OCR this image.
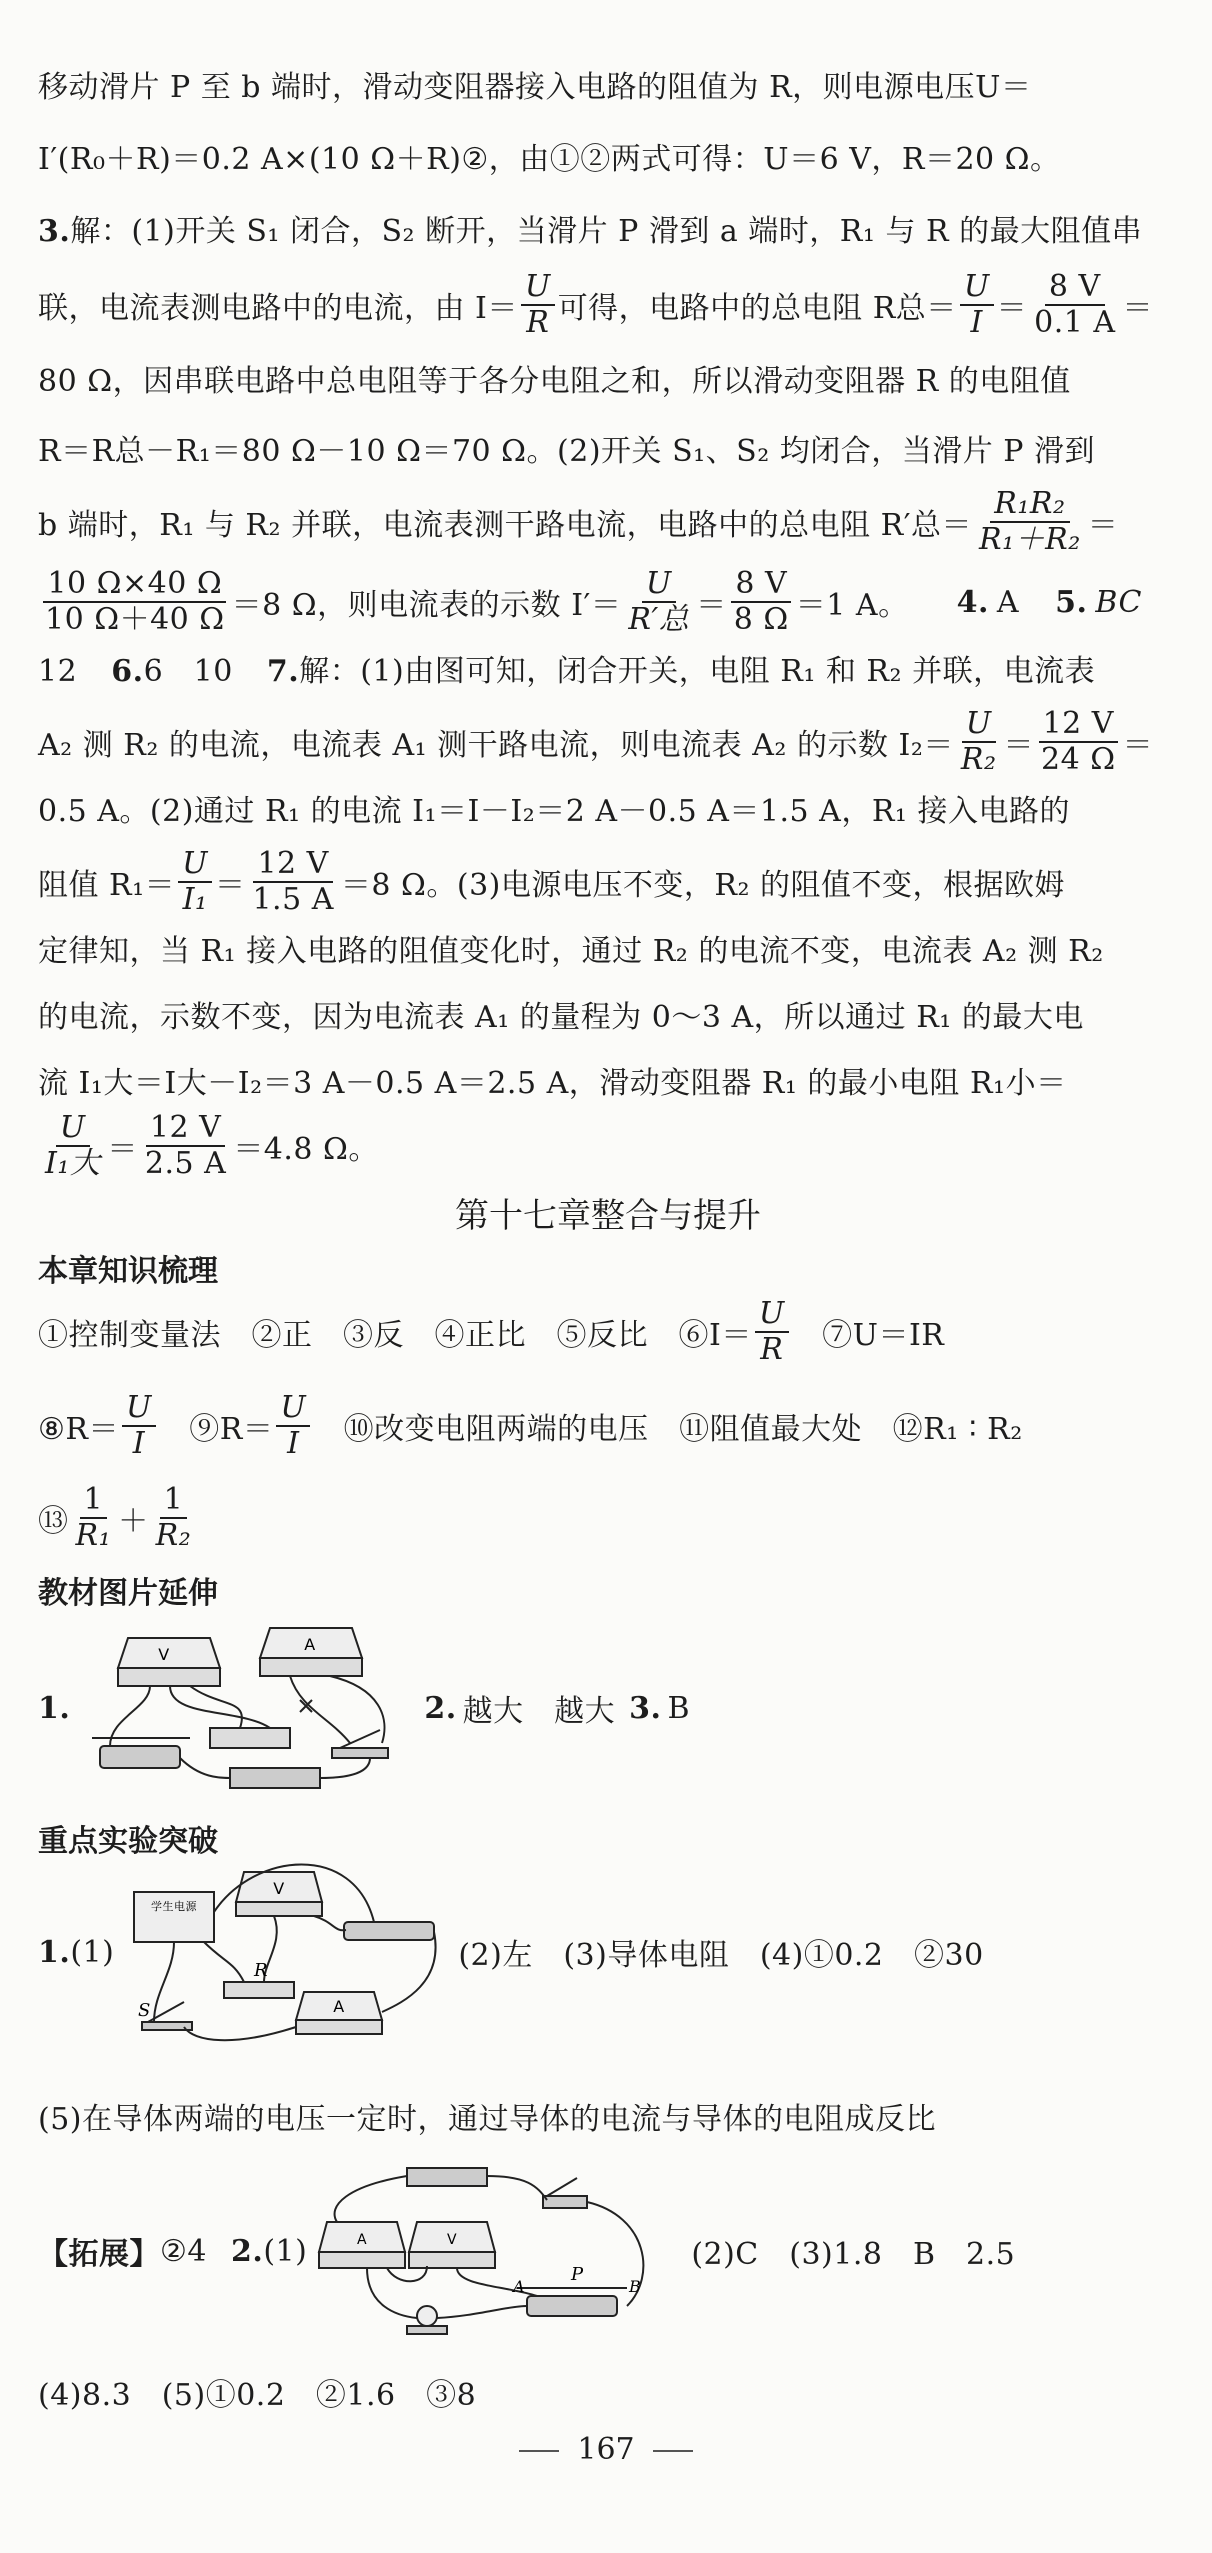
移动滑片 P 至 b 端时，滑动变阻器接入电路的阻值为 R，则电源电压U＝
I′(R₀＋R)＝0.2 A×(10 Ω＋R)②，由①②两式可得：U＝6 V，R＝20 Ω。
3.解：(1)开关 S₁ 闭合，S₂ 断开，当滑片 P 滑到 a 端时，R₁ 与 R 的最大阻值串
联，电流表测电路中的电流，由 $I= \frac{U}{R}$ 可得，电路中的总电阻 R总＝ $\frac{U}{I} = \frac{8 V}{0.1 A}$ ＝
80 Ω，因串联电路中总电阻等于各分电阻之和，所以滑动变阻器 R 的电阻值
R＝R总－R₁＝80 Ω－10 Ω＝70 Ω。(2)开关 S₁、S₂ 均闭合，当滑片 P 滑到
b 端时，R₁ 与 R₂ 并联，电流表测干路电流，电路中的总电阻 R′总＝ $\frac{\text{R₁R₂}}{\text{R₁＋R₂}}$ ＝
$\frac{10 \Omega\times 40 \Omega}{10 \Omega+40 \Omega} =8$ Ω，则电流表的示数 $I'= \frac{U}{\text{R′总}} = \frac{8 V}{8 \Omega} =1$ A。 4. A 5. BC
12 6.6　10 7.解：(1)由图可知，闭合开关，电阻 R₁ 和 R₂ 并联，电流表
A₂ 测 R₂ 的电流，电流表 A₁ 测干路电流，则电流表 A₂ 的示数 $I_2= \frac{U}{\text{R₂}} = \frac{12 V}{24 \Omega}$ ＝
0.5 A。(2)通过 R₁ 的电流 I₁＝I－I₂＝2 A－0.5 A＝1.5 A，R₁ 接入电路的
阻值 $R_1= \frac{U}{\text{I₁}} = \frac{12 V}{1.5 A} =8$ Ω。(3)电源电压不变，R₂ 的阻值不变，根据欧姆
定律知，当 R₁ 接入电路的阻值变化时，通过 R₂ 的电流不变，电流表 A₂ 测 R₂
的电流，示数不变，因为电流表 A₁ 的量程为 0～3 A，所以通过 R₁ 的最大电
流 I₁大＝I大－I₂＝3 A－0.5 A＝2.5 A，滑动变阻器 R₁ 的最小电阻 R₁小＝
$\frac{U}{\text{I₁大}} = \frac{12 V}{2.5 A} =4.8$ Ω。
第十七章整合与提升
本章知识梳理
①控制变量法　②正　③反　④正比　⑤反比　⑥I＝ $\frac{U}{R}$ 　⑦U＝IR
⑧R＝ $\frac{U}{I}$ 　⑨R＝ $\frac{U}{I}$ 　⑩改变电阻两端的电压　⑪阻值最大处　⑫R₁ ∶ R₂
⑬ $\frac{1}{\text{R₁}} + \frac{1}{\text{R₂}}$
教材图片延伸
1.
V
A
2. 越大　越大 3. B
重点实验突破
1. (1)
学生电源
S
R
V
A
(2)左　(3)导体电阻　(4)①0.2　②30
(5)在导体两端的电压一定时，通过导体的电流与导体的电阻成反比
【拓展】 ②4 2. (1)
P
A	V
A	B
(2)C　(3)1.8　B　2.5
(4)8.3　(5)①0.2　②1.6　③8
167
